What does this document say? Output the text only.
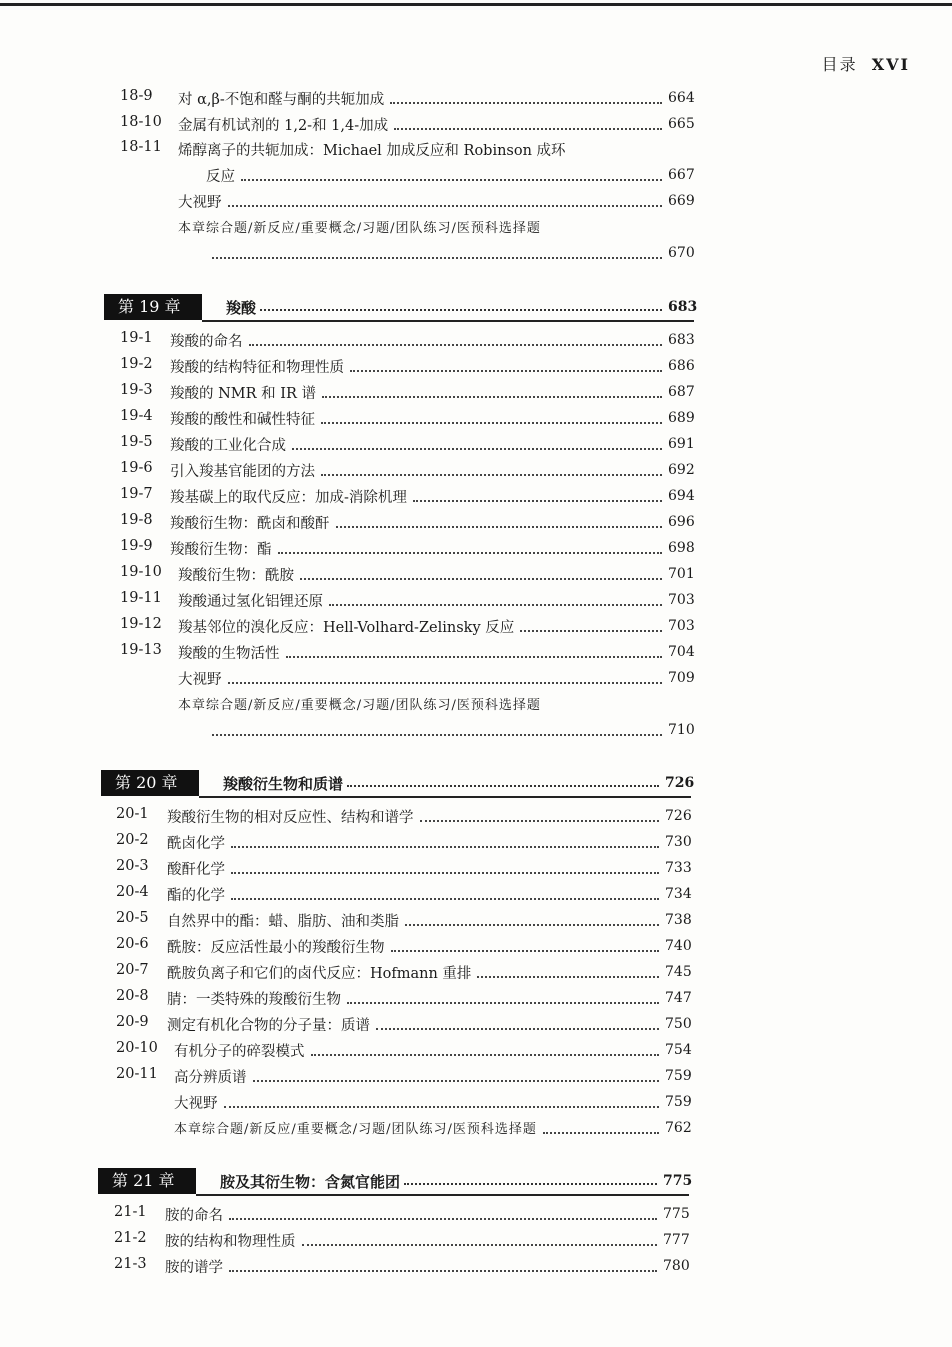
目录 XVI
18-9 对 α,β-不饱和醛与酮的共轭加成	664
18-10 金属有机试剂的 1,2-和 1,4-加成	665
18-11 烯醇离子的共轭加成：Michael 加成反应和 Robinson 成环
反应	667
大视野	669
本章综合题/新反应/重要概念/习题/团队练习/医预科选择题
670
第 19 章	羧酸	683
19-1 羧酸的命名	683
19-2 羧酸的结构特征和物理性质	686
19-3 羧酸的 NMR 和 IR 谱	687
19-4 羧酸的酸性和碱性特征	689
19-5 羧酸的工业化合成	691
19-6 引入羧基官能团的方法	692
19-7 羧基碳上的取代反应：加成-消除机理	694
19-8 羧酸衍生物：酰卤和酸酐	696
19-9 羧酸衍生物：酯	698
19-10 羧酸衍生物：酰胺	701
19-11 羧酸通过氢化铝锂还原	703
19-12 羧基邻位的溴化反应：Hell-Volhard-Zelinsky 反应	703
19-13 羧酸的生物活性	704
大视野	709
本章综合题/新反应/重要概念/习题/团队练习/医预科选择题
710
第 20 章	羧酸衍生物和质谱	726
20-1 羧酸衍生物的相对反应性、结构和谱学	726
20-2 酰卤化学	730
20-3 酸酐化学	733
20-4 酯的化学	734
20-5 自然界中的酯：蜡、脂肪、油和类脂	738
20-6 酰胺：反应活性最小的羧酸衍生物	740
20-7 酰胺负离子和它们的卤代反应：Hofmann 重排	745
20-8 腈：一类特殊的羧酸衍生物	747
20-9 测定有机化合物的分子量：质谱	750
20-10 有机分子的碎裂模式	754
20-11 高分辨质谱	759
大视野	759
本章综合题/新反应/重要概念/习题/团队练习/医预科选择题	762
第 21 章	胺及其衍生物：含氮官能团	775
21-1 胺的命名	775
21-2 胺的结构和物理性质	777
21-3 胺的谱学	780
